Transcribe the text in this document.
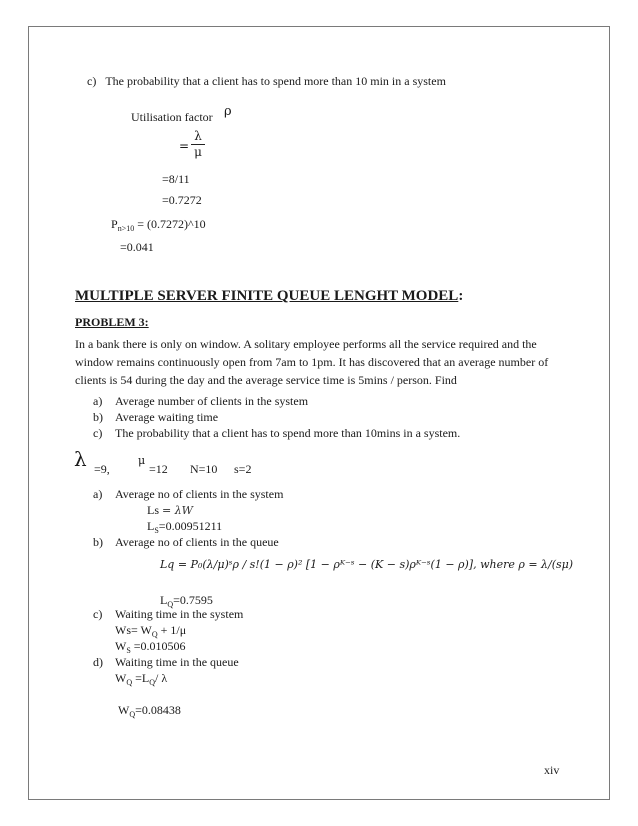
c) The probability that a client has to spend more than 10 min in a system
Utilisation factor ρ
=
λ
μ
=8/11
=0.7272
$P_{n>10}$ = (0.7272)^10
=0.041
MULTIPLE SERVER FINITE QUEUE LENGHT MODEL:
PROBLEM 3:
In a bank there is only on window. A solitary employee performs all the service required and the window remains continuously open from 7am to 1pm. It has discovered that an average number of clients is 54 during the day and the average service time is 5mins / person. Find
a)	Average number of clients in the system
b)	Average waiting time
c)	The probability that a client has to spend more than 10mins in a system.
λ =9,
μ
=12 N=10 s=2
a) Average no of clients in the system
Ls = λW
$L_S=0.00951211$
b) Average no of clients in the queue
Lq = P₀(λ/μ)ˢρ / s!(1 − ρ)² [1 − ρᴷ⁻ˢ − (K − s)ρᴷ⁻ˢ(1 − ρ)], where ρ = λ/(sμ)
$L_Q=0.7595$
c) Waiting time in the system
$Ws= W_Q + 1/\mu$
$W_S =0.010506$
d) Waiting time in the queue
$W_Q =L_Q/$ λ
$W_Q=0.08438$
xiv
